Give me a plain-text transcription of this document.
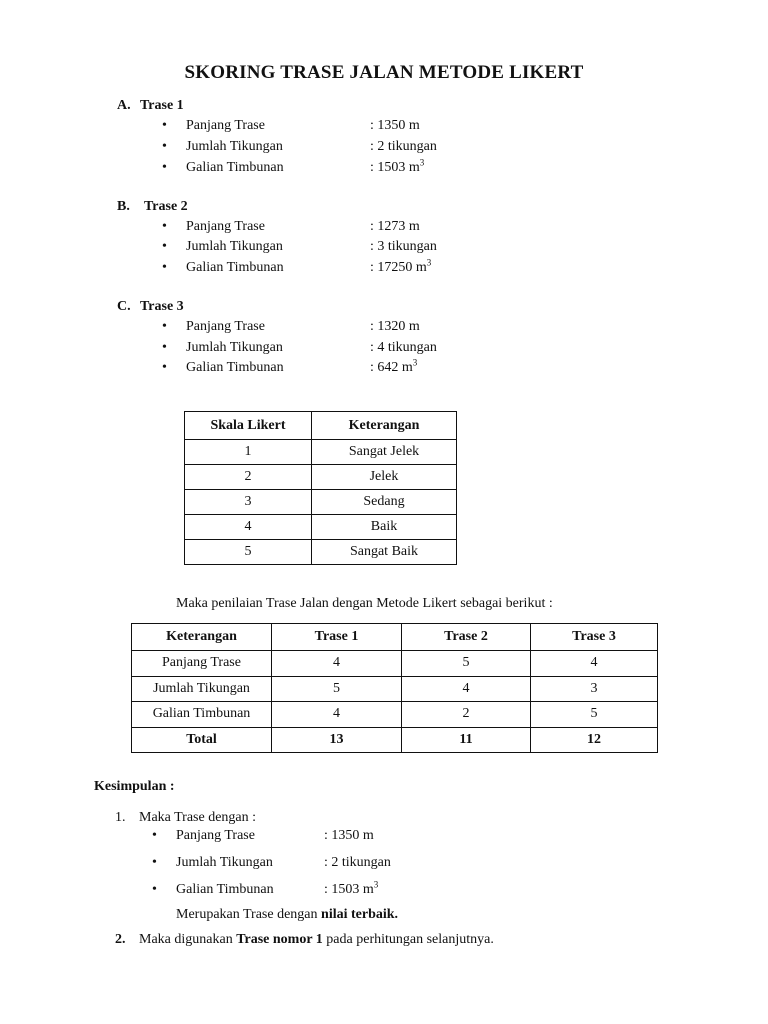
SKORING TRASE JALAN METODE LIKERT
A. Trase 1
• Panjang Trase	: 1350 m
• Jumlah Tikungan	: 2 tikungan
• Galian Timbunan	: 1503 $m^3$
B. Trase 2
• Panjang Trase	: 1273 m
• Jumlah Tikungan	: 3 tikungan
• Galian Timbunan	: 17250 $m^3$
C. Trase 3
• Panjang Trase	: 1320 m
• Jumlah Tikungan	: 4 tikungan
• Galian Timbunan	: 642 $m^3$
Skala Likert	Keterangan
1	Sangat Jelek
2	Jelek
3	Sedang
4	Baik
5	Sangat Baik
Maka penilaian Trase Jalan dengan Metode Likert sebagai berikut :
Keterangan	Trase 1	Trase 2	Trase 3
Panjang Trase	4	5	4
Jumlah Tikungan	5	4	3
Galian Timbunan	4	2	5
Total	13	11	12
Kesimpulan :
1. Maka Trase dengan :
• Panjang Trase	: 1350 m
• Jumlah Tikungan	: 2 tikungan
• Galian Timbunan	: 1503 $m^3$
Merupakan Trase dengan nilai terbaik.
2. Maka digunakan Trase nomor 1 pada perhitungan selanjutnya.
